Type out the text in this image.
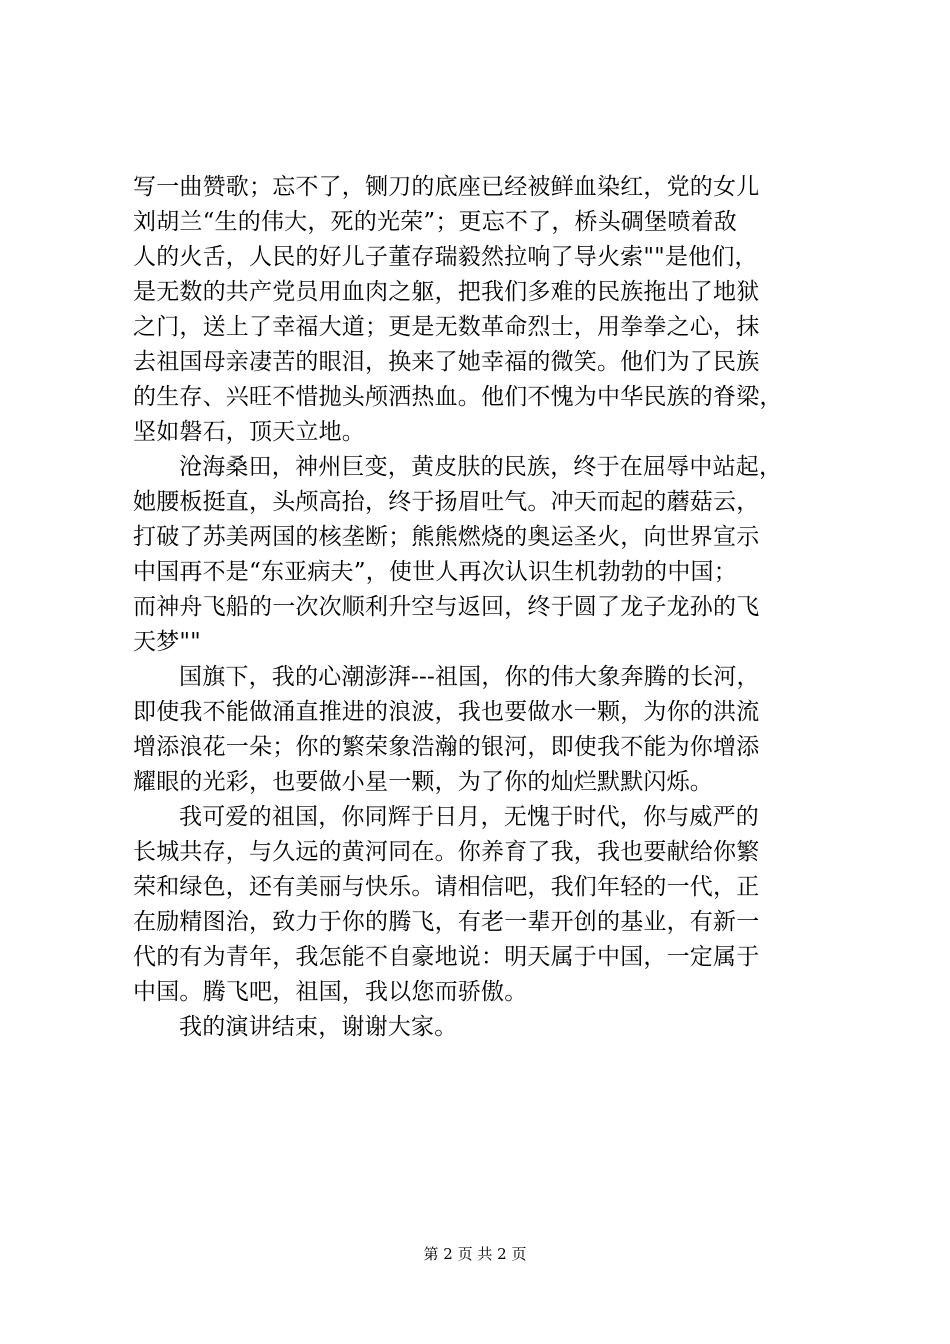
写一曲赞歌；忘不了，铡刀的底座已经被鲜血染红，党的女儿
刘胡兰“生的伟大，死的光荣”；更忘不了，桥头碉堡喷着敌
人的火舌，人民的好儿子董存瑞毅然拉响了导火索""是他们，
是无数的共产党员用血肉之躯，把我们多难的民族拖出了地狱
之门，送上了幸福大道；更是无数革命烈士，用拳拳之心，抹
去祖国母亲凄苦的眼泪，换来了她幸福的微笑。他们为了民族
的生存、兴旺不惜抛头颅洒热血。他们不愧为中华民族的脊梁，
坚如磐石，顶天立地。
沧海桑田，神州巨变，黄皮肤的民族，终于在屈辱中站起，
她腰板挺直，头颅高抬，终于扬眉吐气。冲天而起的蘑菇云，
打破了苏美两国的核垄断；熊熊燃烧的奥运圣火，向世界宣示
中国再不是“东亚病夫”，使世人再次认识生机勃勃的中国；
而神舟飞船的一次次顺利升空与返回，终于圆了龙子龙孙的飞
天梦""
国旗下，我的心潮澎湃---祖国，你的伟大象奔腾的长河，
即使我不能做涌直推进的浪波，我也要做水一颗，为你的洪流
增添浪花一朵；你的繁荣象浩瀚的银河，即使我不能为你增添
耀眼的光彩，也要做小星一颗，为了你的灿烂默默闪烁。
我可爱的祖国，你同辉于日月，无愧于时代，你与威严的
长城共存，与久远的黄河同在。你养育了我，我也要献给你繁
荣和绿色，还有美丽与快乐。请相信吧，我们年轻的一代，正
在励精图治，致力于你的腾飞，有老一辈开创的基业，有新一
代的有为青年，我怎能不自豪地说：明天属于中国，一定属于
中国。腾飞吧，祖国，我以您而骄傲。
我的演讲结束，谢谢大家。
第 2 页 共 2 页
